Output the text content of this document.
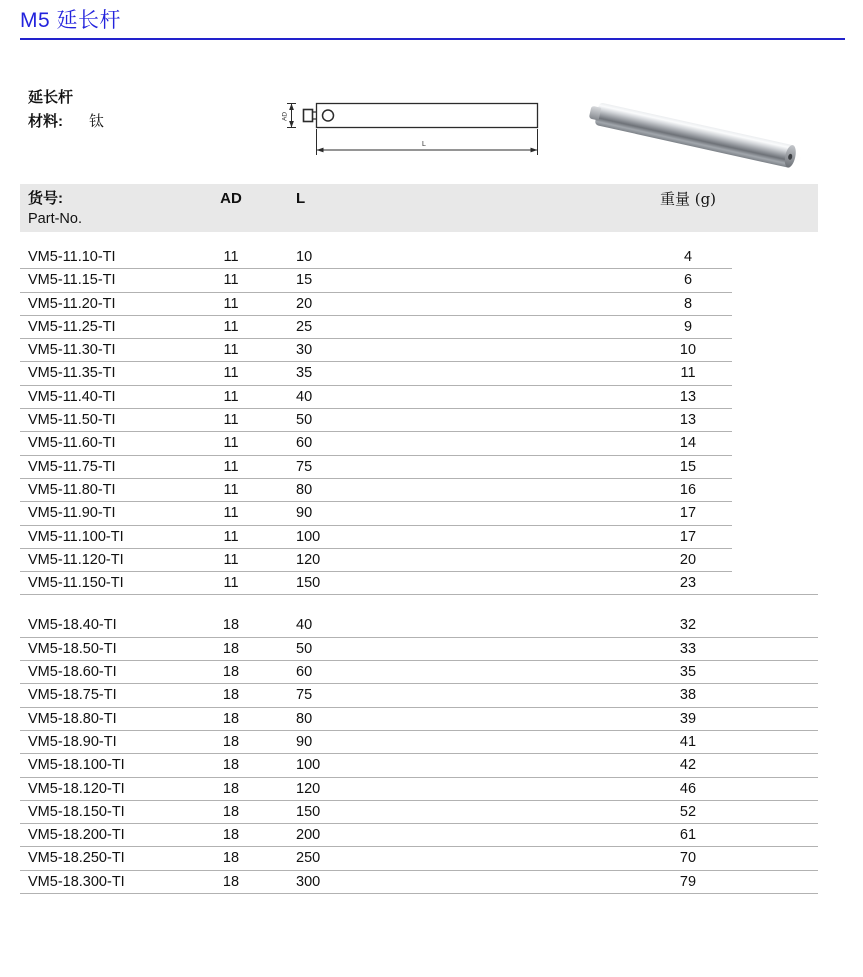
M5 延长杆
延长杆
材料: 钛	AD
L
货号:	AD	L	重量 (g)
Part-No.
VM5-11.10-TI	11	10	4
VM5-11.15-TI	11	15	6
VM5-11.20-TI	11	20	8
VM5-11.25-TI	11	25	9
VM5-11.30-TI	11	30	10
VM5-11.35-TI	11	35	11
VM5-11.40-TI	11	40	13
VM5-11.50-TI	11	50	13
VM5-11.60-TI	11	60	14
VM5-11.75-TI	11	75	15
VM5-11.80-TI	11	80	16
VM5-11.90-TI	11	90	17
VM5-11.100-TI	11	100	17
VM5-11.120-TI	11	120	20
VM5-11.150-TI	11	150	23
VM5-18.40-TI	18	40	32
VM5-18.50-TI	18	50	33
VM5-18.60-TI	18	60	35
VM5-18.75-TI	18	75	38
VM5-18.80-TI	18	80	39
VM5-18.90-TI	18	90	41
VM5-18.100-TI	18	100	42
VM5-18.120-TI	18	120	46
VM5-18.150-TI	18	150	52
VM5-18.200-TI	18	200	61
VM5-18.250-TI	18	250	70
VM5-18.300-TI	18	300	79
